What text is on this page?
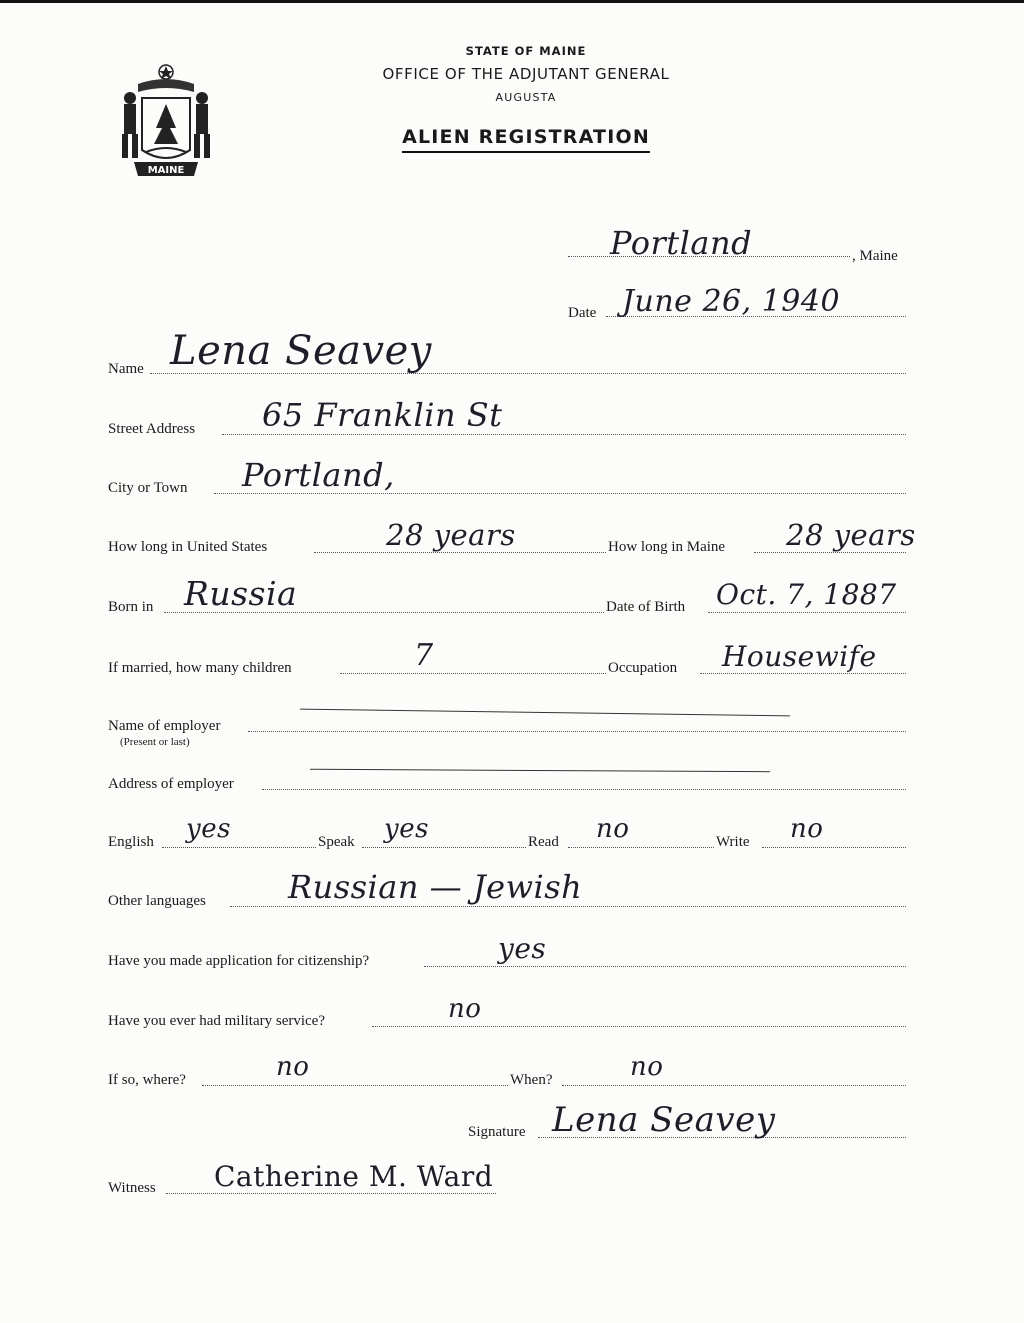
MAINE
STATE OF MAINE
OFFICE OF THE ADJUTANT GENERAL
AUGUSTA
ALIEN REGISTRATION
Portland	, Maine
Date June 26, 1940
Name Lena Seavey
Street Address 65 Franklin St
City or Town Portland,
How long in United States	28 years	How long in Maine 28 years
Born in Russia	Date of Birth Oct. 7, 1887
If married, how many children	7	Occupation Housewife
Name of employer
(Present or last)
Address of employer
English yes	Speak yes	Read no	Write no
Other languages	Russian — Jewish
Have you made application for citizenship?	yes
Have you ever had military service?	no
If so, where?	no	When?	no
Signature Lena Seavey
Witness Catherine M. Ward
